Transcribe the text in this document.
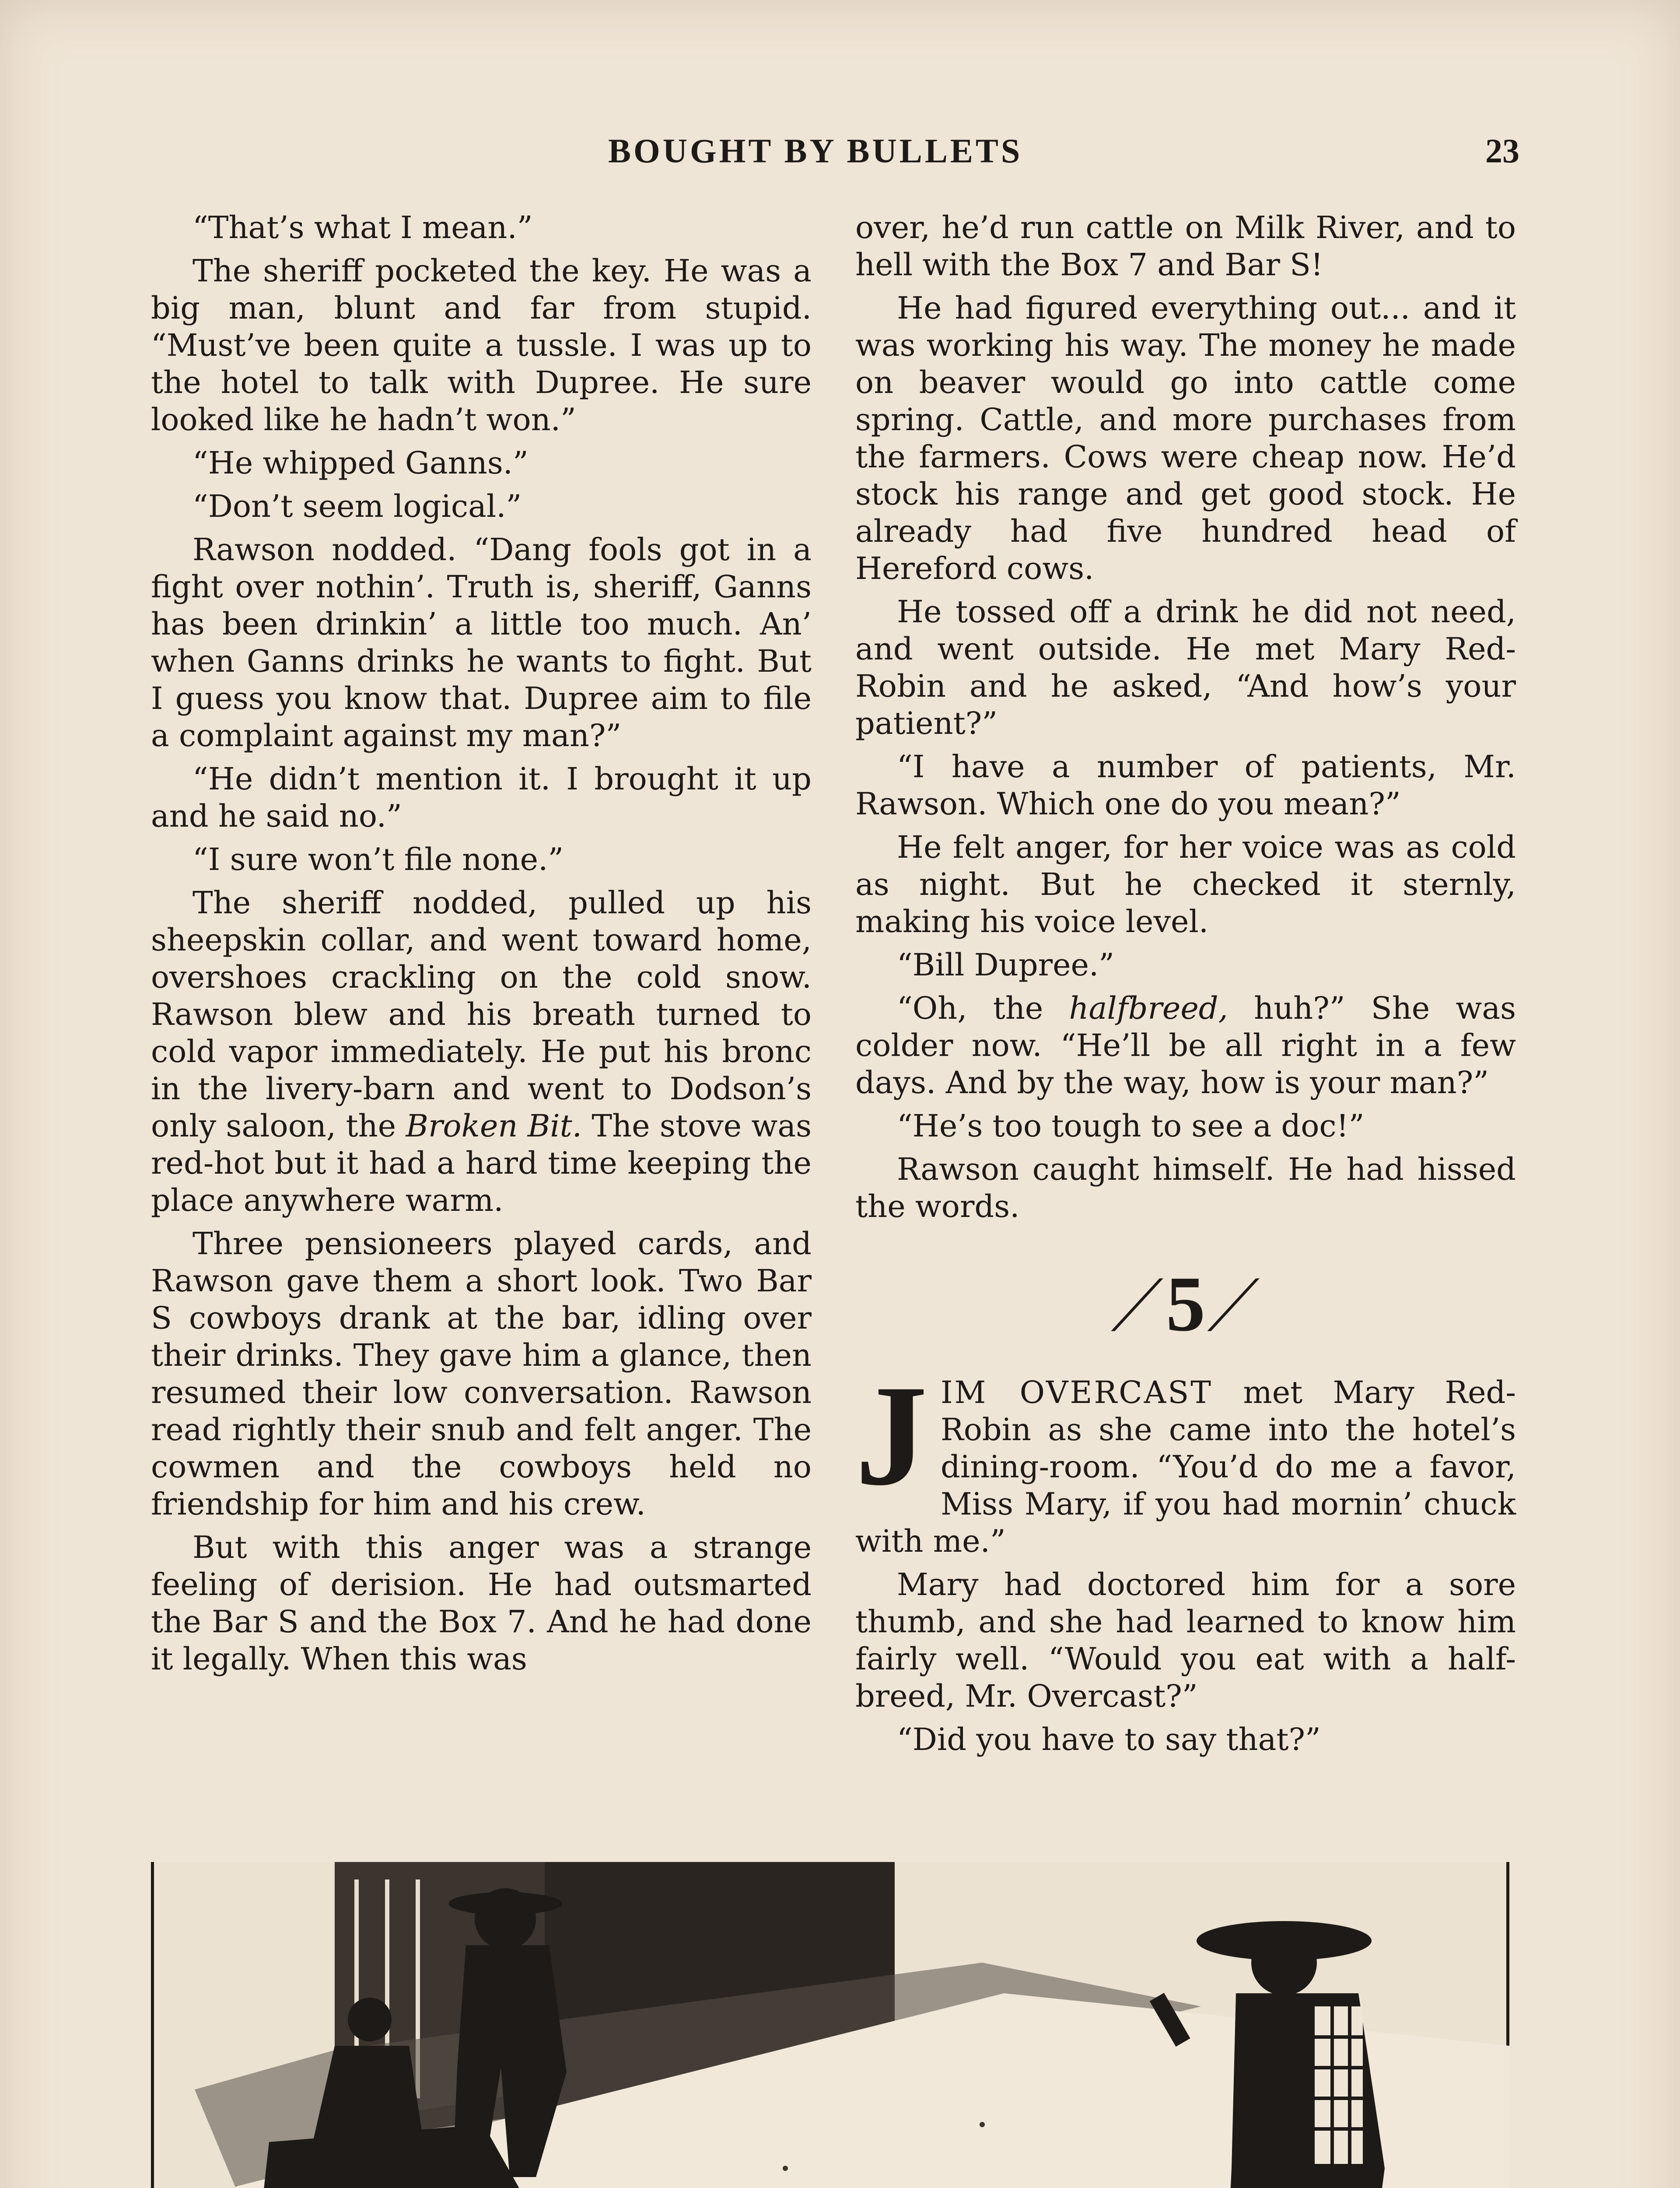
BOUGHT BY BULLETS	23

“That’s what I mean.”

The sheriff pocketed the key. He was a big man, blunt and far from stupid. “Must’ve been quite a tussle. I was up to the hotel to talk with Dupree. He sure looked like he hadn’t won.”

“He whipped Ganns.”

“Don’t seem logical.”

Rawson nodded. “Dang fools got in a fight over nothin’. Truth is, sheriff, Ganns has been drinkin’ a little too much. An’ when Ganns drinks he wants to fight. But I guess you know that. Dupree aim to file a complaint against my man?”

“He didn’t mention it. I brought it up and he said no.”

“I sure won’t file none.”

The sheriff nodded, pulled up his sheepskin collar, and went toward home, overshoes crackling on the cold snow. Rawson blew and his breath turned to cold vapor immediately. He put his bronc in the livery-barn and went to Dodson’s only saloon, the Broken Bit. The stove was red-hot but it had a hard time keeping the place anywhere warm.

Three pensioneers played cards, and Rawson gave them a short look. Two Bar S cowboys drank at the bar, idling over their drinks. They gave him a glance, then resumed their low conversation. Rawson read rightly their snub and felt anger. The cowmen and the cowboys held no friendship for him and his crew.

But with this anger was a strange feeling of derision. He had outsmarted the Bar S and the Box 7. And he had done it legally. When this was

over, he’d run cattle on Milk River, and to hell with the Box 7 and Bar S!

He had figured everything out... and it was working his way. The money he made on beaver would go into cattle come spring. Cattle, and more purchases from the farmers. Cows were cheap now. He’d stock his range and get good stock. He already had five hundred head of Hereford cows.

He tossed off a drink he did not need, and went outside. He met Mary Red-Robin and he asked, “And how’s your patient?”

“I have a number of patients, Mr. Rawson. Which one do you mean?”

He felt anger, for her voice was as cold as night. But he checked it sternly, making his voice level.

“Bill Dupree.”

“Oh, the halfbreed, huh?” She was colder now. “He’ll be all right in a few days. And by the way, how is your man?”

“He’s too tough to see a doc!”

Rawson caught himself. He had hissed the words.

/5/
J IM OVERCAST met Mary Red-Robin as she came into the hotel’s dining-room. “You’d do me a favor, Miss Mary, if you had mornin’ chuck with me.”

Mary had doctored him for a sore thumb, and she had learned to know him fairly well. “Would you eat with a half-breed, Mr. Overcast?”

“Did you have to say that?”
